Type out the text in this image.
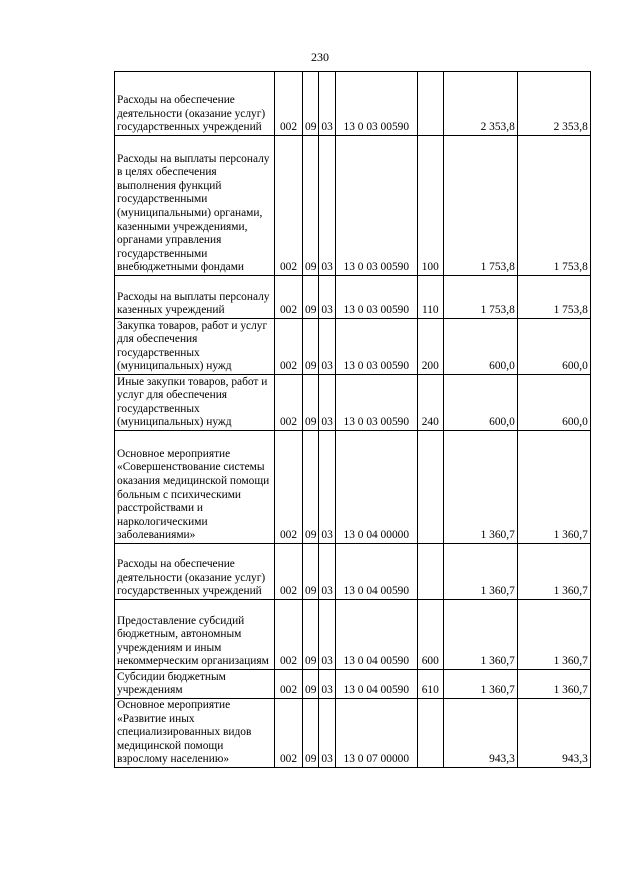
230
Расходы на обеспечение деятельности (оказание услуг) государственных учреждений	002	09	03	13 0 03 00590		2 353,8	2 353,8
Расходы на выплаты персоналу в целях обеспечения выполнения функций государственными (муниципальными) органами, казенными учреждениями, органами управления государственными внебюджетными фондами	002	09	03	13 0 03 00590	100	1 753,8	1 753,8
Расходы на выплаты персоналу казенных учреждений	002	09	03	13 0 03 00590	110	1 753,8	1 753,8
Закупка товаров, работ и услуг для обеспечения государственных (муниципальных) нужд	002	09	03	13 0 03 00590	200	600,0	600,0
Иные закупки товаров, работ и услуг для обеспечения государственных (муниципальных) нужд	002	09	03	13 0 03 00590	240	600,0	600,0
Основное мероприятие «Совершенствование системы оказания медицинской помощи больным с психическими расстройствами и наркологическими заболеваниями»	002	09	03	13 0 04 00000		1 360,7	1 360,7
Расходы на обеспечение деятельности (оказание услуг) государственных учреждений	002	09	03	13 0 04 00590		1 360,7	1 360,7
Предоставление субсидий бюджетным, автономным учреждениям и иным некоммерческим организациям	002	09	03	13 0 04 00590	600	1 360,7	1 360,7
Субсидии бюджетным учреждениям	002	09	03	13 0 04 00590	610	1 360,7	1 360,7
Основное мероприятие «Развитие иных специализированных видов медицинской помощи взрослому населению»	002	09	03	13 0 07 00000		943,3	943,3
